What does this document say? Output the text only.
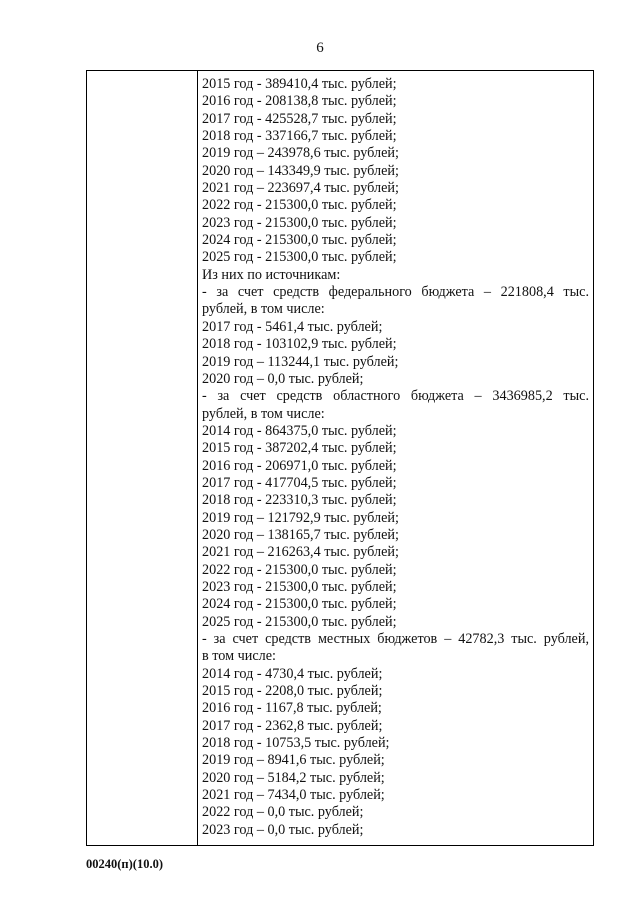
6
2015 год - 389410,4 тыс. рублей;
2016 год - 208138,8 тыс. рублей;
2017 год - 425528,7 тыс. рублей;
2018 год - 337166,7 тыс. рублей;
2019 год – 243978,6 тыс. рублей;
2020 год – 143349,9 тыс. рублей;
2021 год – 223697,4 тыс. рублей;
2022 год - 215300,0 тыс. рублей;
2023 год - 215300,0 тыс. рублей;
2024 год - 215300,0 тыс. рублей;
2025 год - 215300,0 тыс. рублей;
Из них по источникам:
- за счет средств федерального бюджета – 221808,4 тыс.
рублей, в том числе:
2017 год - 5461,4 тыс. рублей;
2018 год - 103102,9 тыс. рублей;
2019 год – 113244,1 тыс. рублей;
2020 год – 0,0 тыс. рублей;
- за счет средств областного бюджета – 3436985,2 тыс.
рублей, в том числе:
2014 год - 864375,0 тыс. рублей;
2015 год - 387202,4 тыс. рублей;
2016 год - 206971,0 тыс. рублей;
2017 год - 417704,5 тыс. рублей;
2018 год - 223310,3 тыс. рублей;
2019 год – 121792,9 тыс. рублей;
2020 год – 138165,7 тыс. рублей;
2021 год – 216263,4 тыс. рублей;
2022 год - 215300,0 тыс. рублей;
2023 год - 215300,0 тыс. рублей;
2024 год - 215300,0 тыс. рублей;
2025 год - 215300,0 тыс. рублей;
- за счет средств местных бюджетов – 42782,3 тыс. рублей,
в том числе:
2014 год - 4730,4 тыс. рублей;
2015 год - 2208,0 тыс. рублей;
2016 год - 1167,8 тыс. рублей;
2017 год - 2362,8 тыс. рублей;
2018 год - 10753,5 тыс. рублей;
2019 год – 8941,6 тыс. рублей;
2020 год – 5184,2 тыс. рублей;
2021 год – 7434,0 тыс. рублей;
2022 год – 0,0 тыс. рублей;
2023 год – 0,0 тыс. рублей;
00240(п)(10.0)
